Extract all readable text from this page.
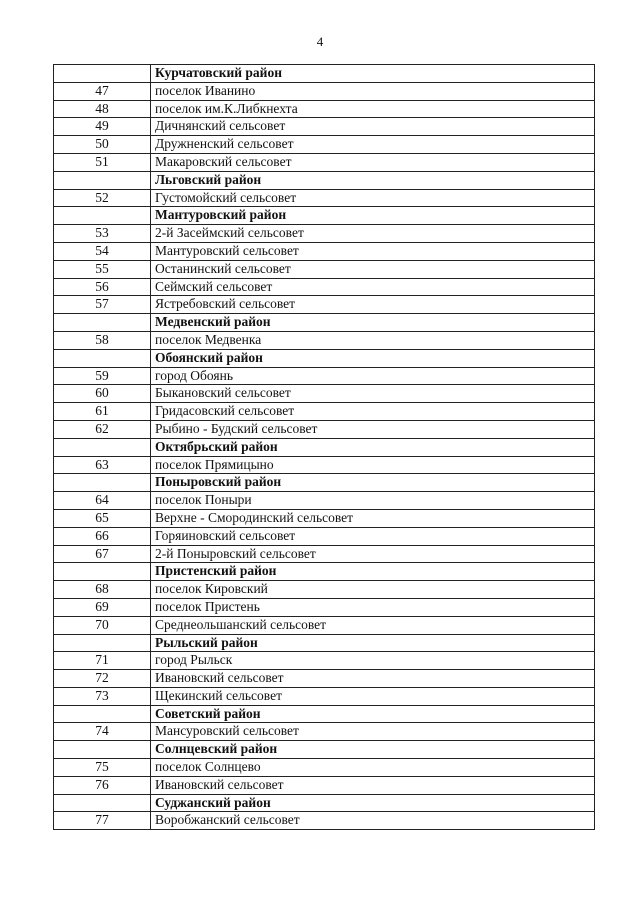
4
	Курчатовский район
47	поселок Иванино
48	поселок им.К.Либкнехта
49	Дичнянский сельсовет
50	Дружненский сельсовет
51	Макаровский сельсовет
	Льговский район
52	Густомойский сельсовет
	Мантуровский район
53	2-й Засеймский сельсовет
54	Мантуровский сельсовет
55	Останинский сельсовет
56	Сеймский сельсовет
57	Ястребовский сельсовет
	Медвенский район
58	поселок Медвенка
	Обоянский район
59	город Обоянь
60	Быкановский сельсовет
61	Гридасовский сельсовет
62	Рыбино - Будский сельсовет
	Октябрьский район
63	поселок Прямицыно
	Поныровский район
64	поселок Поныри
65	Верхне - Смородинский сельсовет
66	Горяиновский сельсовет
67	2-й Поныровский сельсовет
	Пристенский район
68	поселок Кировский
69	поселок Пристень
70	Среднеольшанский сельсовет
	Рыльский район
71	город Рыльск
72	Ивановский сельсовет
73	Щекинский сельсовет
	Советский район
74	Мансуровский сельсовет
	Солнцевский район
75	поселок Солнцево
76	Ивановский сельсовет
	Суджанский район
77	Воробжанский сельсовет
